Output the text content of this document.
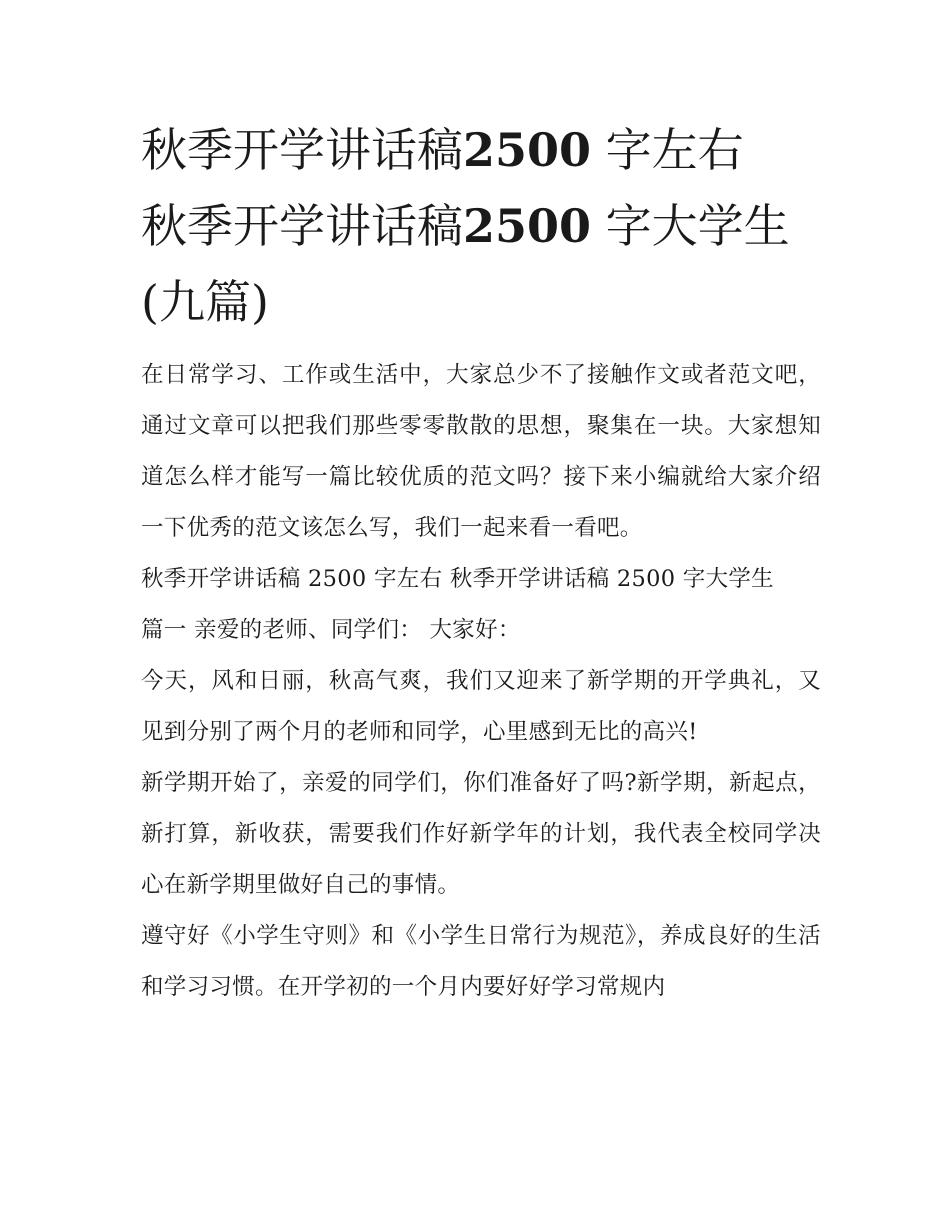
秋季开学讲话稿2500 字左右
秋季开学讲话稿2500 字大学生
(九篇)

在日常学习、工作或生活中，大家总少不了接触作文或者范文吧，通过文章可以把我们那些零零散散的思想，聚集在一块。大家想知道怎么样才能写一篇比较优质的范文吗？接下来小编就给大家介绍一下优秀的范文该怎么写，我们一起来看一看吧。

秋季开学讲话稿 2500 字左右 秋季开学讲话稿 2500 字大学生

篇一 亲爱的老师、同学们： 大家好：

今天，风和日丽，秋高气爽，我们又迎来了新学期的开学典礼，又见到分别了两个月的老师和同学，心里感到无比的高兴!

新学期开始了，亲爱的同学们，你们准备好了吗?新学期，新起点，新打算，新收获，需要我们作好新学年的计划，我代表全校同学决心在新学期里做好自己的事情。

遵守好《小学生守则》和《小学生日常行为规范》，养成良好的生活和学习习惯。在开学初的一个月内要好好学习常规内
